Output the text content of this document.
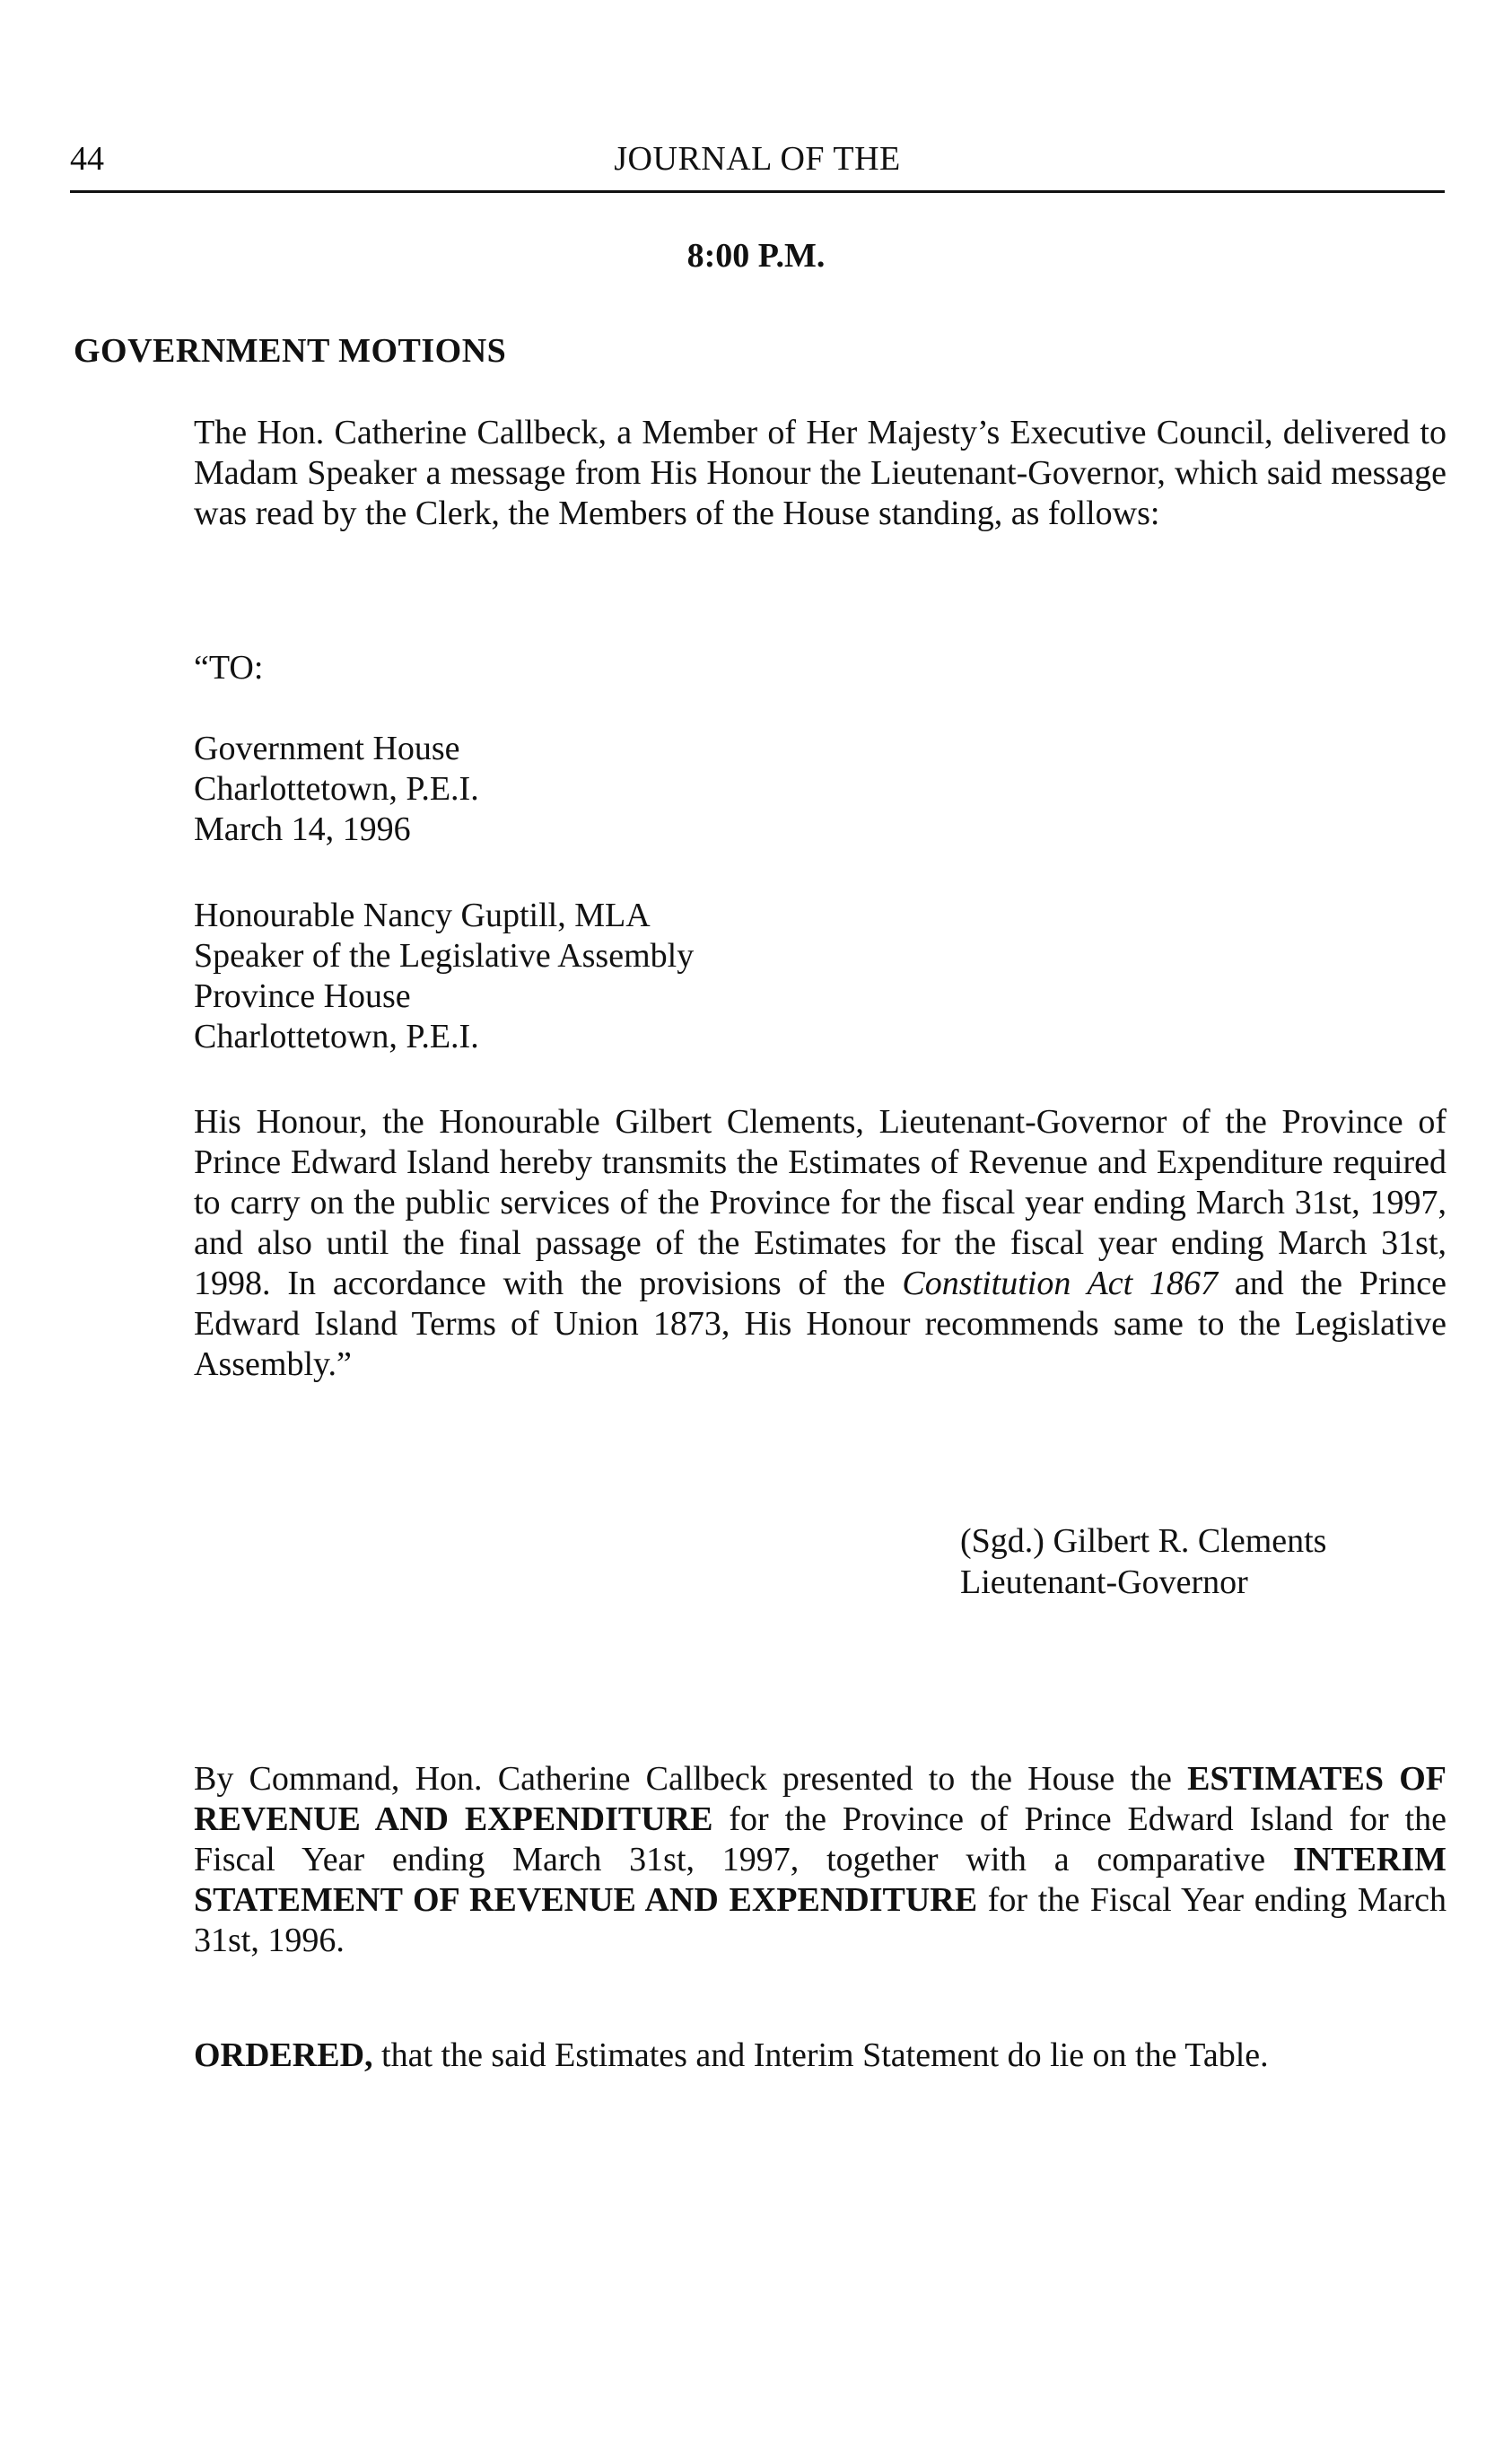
44	JOURNAL OF THE
8:00 P.M.
GOVERNMENT MOTIONS

The Hon. Catherine Callbeck, a Member of Her Majesty’s Executive Council, delivered to Madam Speaker a message from His Honour the Lieutenant-Governor, which said message was read by the Clerk, the Members of the House standing, as follows:

“TO:

Government House
Charlottetown, P.E.I.
March 14, 1996
Honourable Nancy Guptill, MLA
Speaker of the Legislative Assembly
Province House
Charlottetown, P.E.I.

His Honour, the Honourable Gilbert Clements, Lieutenant-Governor of the Province of Prince Edward Island hereby transmits the Estimates of Revenue and Expenditure required to carry on the public services of the Province for the fiscal year ending March 31st, 1997, and also until the final passage of the Estimates for the fiscal year ending March 31st, 1998. In accordance with the provisions of the Constitution Act 1867 and the Prince Edward Island Terms of Union 1873, His Honour recommends same to the Legislative Assembly.”

(Sgd.) Gilbert R. Clements
Lieutenant-Governor

By Command, Hon. Catherine Callbeck presented to the House the ESTIMATES OF REVENUE AND EXPENDITURE for the Province of Prince Edward Island for the Fiscal Year ending March 31st, 1997, together with a comparative INTERIM STATEMENT OF REVENUE AND EXPENDITURE for the Fiscal Year ending March 31st, 1996.

ORDERED, that the said Estimates and Interim Statement do lie on the Table.
